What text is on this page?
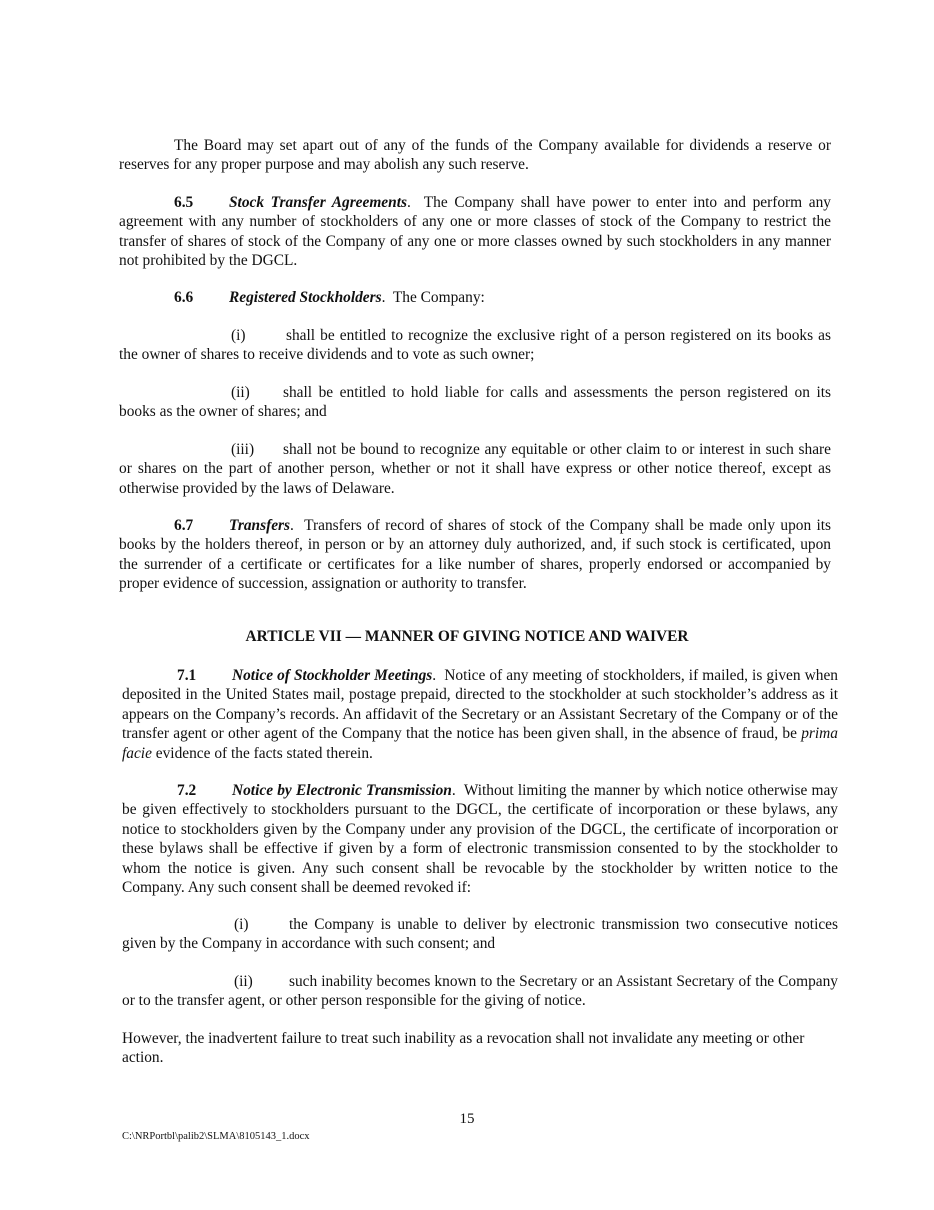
The Board may set apart out of any of the funds of the Company available for dividends a reserve or reserves for any proper purpose and may abolish any such reserve.
6.5 Stock Transfer Agreements.  The Company shall have power to enter into and perform any agreement with any number of stockholders of any one or more classes of stock of the Company to restrict the transfer of shares of stock of the Company of any one or more classes owned by such stockholders in any manner not prohibited by the DGCL.
6.6 Registered Stockholders.  The Company:
(i)	shall be entitled to recognize the exclusive right of a person registered on its books as the owner of shares to receive dividends and to vote as such owner;
(ii) shall be entitled to hold liable for calls and assessments the person registered on its books as the owner of shares; and
(iii) shall not be bound to recognize any equitable or other claim to or interest in such share or shares on the part of another person, whether or not it shall have express or other notice thereof, except as otherwise provided by the laws of Delaware.
6.7 Transfers.  Transfers of record of shares of stock of the Company shall be made only upon its books by the holders thereof, in person or by an attorney duly authorized, and, if such stock is certificated, upon the surrender of a certificate or certificates for a like number of shares, properly endorsed or accompanied by proper evidence of succession, assignation or authority to transfer.
ARTICLE VII — MANNER OF GIVING NOTICE AND WAIVER
7.1 Notice of Stockholder Meetings.  Notice of any meeting of stockholders, if mailed, is given when deposited in the United States mail, postage prepaid, directed to the stockholder at such stockholder’s address as it appears on the Company’s records. An affidavit of the Secretary or an Assistant Secretary of the Company or of the transfer agent or other agent of the Company that the notice has been given shall, in the absence of fraud, be prima facie evidence of the facts stated therein.
7.2 Notice by Electronic Transmission.  Without limiting the manner by which notice otherwise may be given effectively to stockholders pursuant to the DGCL, the certificate of incorporation or these bylaws, any notice to stockholders given by the Company under any provision of the DGCL, the certificate of incorporation or these bylaws shall be effective if given by a form of electronic transmission consented to by the stockholder to whom the notice is given. Any such consent shall be revocable by the stockholder by written notice to the Company. Any such consent shall be deemed revoked if:
(i)	the Company is unable to deliver by electronic transmission two consecutive notices given by the Company in accordance with such consent; and
(ii) such inability becomes known to the Secretary or an Assistant Secretary of the Company or to the transfer agent, or other person responsible for the giving of notice.
However, the inadvertent failure to treat such inability as a revocation shall not invalidate any meeting or other action.
15
C:\NRPortbl\palib2\SLMA\8105143_1.docx
